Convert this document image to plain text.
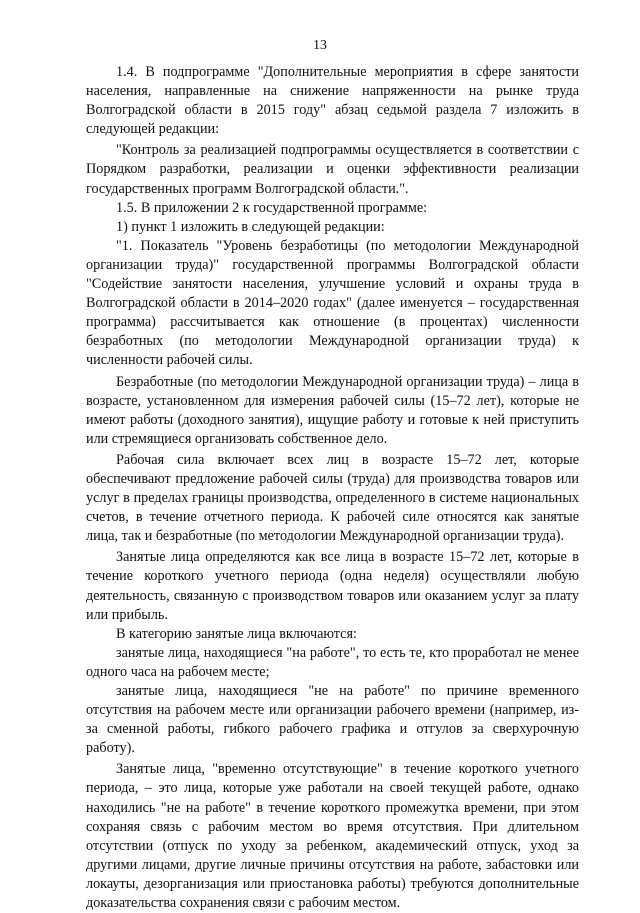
13

1.4. В подпрограмме "Дополнительные мероприятия в сфере занятости населения, направленные на снижение напряженности на рынке труда Волгоградской области в 2015 году" абзац седьмой раздела 7 изложить в следующей редакции:

"Контроль за реализацией подпрограммы осуществляется в соответствии с Порядком разработки, реализации и оценки эффективности реализации государственных программ Волгоградской области.".

1.5. В приложении 2 к государственной программе:

1) пункт 1 изложить в следующей редакции:

"1. Показатель "Уровень безработицы (по методологии Международной организации труда)" государственной программы Волгоградской области "Содействие занятости населения, улучшение условий и охраны труда в Волгоградской области в 2014–2020 годах" (далее именуется – государственная программа) рассчитывается как отношение (в процентах) численности безработных (по методологии Международной организации труда) к численности рабочей силы.

Безработные (по методологии Международной организации труда) – лица в возрасте, установленном для измерения рабочей силы (15–72 лет), которые не имеют работы (доходного занятия), ищущие работу и готовые к ней приступить или стремящиеся организовать собственное дело.

Рабочая сила включает всех лиц в возрасте 15–72 лет, которые обеспечивают предложение рабочей силы (труда) для производства товаров или услуг в пределах границы производства, определенного в системе национальных счетов, в течение отчетного периода. К рабочей силе относятся как занятые лица, так и безработные (по методологии Международной организации труда).

Занятые лица определяются как все лица в возрасте 15–72 лет, которые в течение короткого учетного периода (одна неделя) осуществляли любую деятельность, связанную с производством товаров или оказанием услуг за плату или прибыль.

В категорию занятые лица включаются:

занятые лица, находящиеся "на работе", то есть те, кто проработал не менее одного часа на рабочем месте;

занятые лица, находящиеся "не на работе" по причине временного отсутствия на рабочем месте или организации рабочего времени (например, из-за сменной работы, гибкого рабочего графика и отгулов за сверхурочную работу).

Занятые лица, "временно отсутствующие" в течение короткого учетного периода, – это лица, которые уже работали на своей текущей работе, однако находились "не на работе" в течение короткого промежутка времени, при этом сохраняя связь с рабочим местом во время отсутствия. При длительном отсутствии (отпуск по уходу за ребенком, академический отпуск, уход за другими лицами, другие личные причины отсутствия на работе, забастовки или локауты, дезорганизация или приостановка работы) требуются дополнительные доказательства сохранения связи с рабочим местом.
